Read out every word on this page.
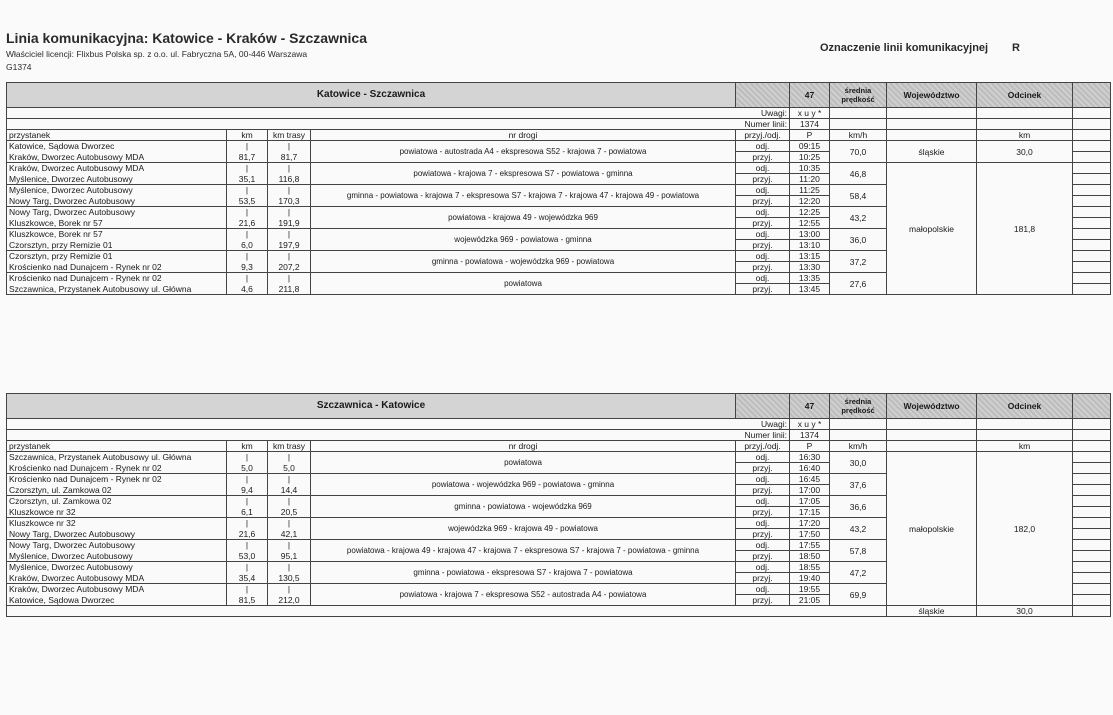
Linia komunikacyjna: Katowice - Kraków - Szczawnica
Właściciel licencji: Flixbus Polska sp. z o.o. ul. Fabryczna 5A, 00-446 Warszawa
G1374
Oznaczenie linii komunikacyjnej R
Katowice - Szczawnica					47	średnia prędkość	Województwo	Odcinek	
Uwagi:					x u y *				
Numer linii:					1374				
przystanek	km	km trasy	nr drogi	przyj./odj.	P	km/h		km	
Katowice, Sądowa Dworzec	|	|	powiatowa - autostrada A4 - ekspresowa S52 - krajowa 7 - powiatowa	odj.	09:15	70,0	śląskie	30,0	
Kraków, Dworzec Autobusowy MDA	81,7	81,7		przyj.	10:25				
Kraków, Dworzec Autobusowy MDA	|	|	powiatowa - krajowa 7 - ekspresowa S7 - powiatowa - gminna	odj.	10:35	46,8	małopolskie	181,8	
Myślenice, Dworzec Autobusowy	35,1	116,8		przyj.	11:20				
Myślenice, Dworzec Autobusowy	|	|	gminna - powiatowa - krajowa 7 - ekspresowa S7 - krajowa 7 - krajowa 47 - krajowa 49 - powiatowa	odj.	11:25	58,4			
Nowy Targ, Dworzec Autobusowy	53,5	170,3		przyj.	12:20				
Nowy Targ, Dworzec Autobusowy	|	|	powiatowa - krajowa 49 - wojewódzka 969	odj.	12:25	43,2			
Kluszkowce, Borek nr 57	21,6	191,9		przyj.	12:55				
Kluszkowce, Borek nr 57	|	|	wojewódzka 969 - powiatowa - gminna	odj.	13:00	36,0			
Czorsztyn, przy Remizie 01	6,0	197,9		przyj.	13:10				
Czorsztyn, przy Remizie 01	|	|	gminna - powiatowa - wojewódzka 969 - powiatowa	odj.	13:15	37,2			
Krościenko nad Dunajcem - Rynek nr 02	9,3	207,2		przyj.	13:30				
Krościenko nad Dunajcem - Rynek nr 02	|	|	powiatowa	odj.	13:35	27,6			
Szczawnica, Przystanek Autobusowy ul. Główna	4,6	211,8		przyj.	13:45				
Szczawnica - Katowice					47	średnia prędkość	Województwo	Odcinek	
Uwagi:					x u y *				
Numer linii:					1374				
przystanek	km	km trasy	nr drogi	przyj./odj.	P	km/h		km	
Szczawnica, Przystanek Autobusowy ul. Główna	|	|	powiatowa	odj.	16:30	30,0	małopolskie	182,0	
Krościenko nad Dunajcem - Rynek nr 02	5,0	5,0		przyj.	16:40				
Krościenko nad Dunajcem - Rynek nr 02	|	|	powiatowa - wojewódzka 969 - powiatowa - gminna	odj.	16:45	37,6			
Czorsztyn, ul. Zamkowa 02	9,4	14,4		przyj.	17:00				
Czorsztyn, ul. Zamkowa 02	|	|	gminna - powiatowa - wojewódzka 969	odj.	17:05	36,6			
Kluszkowce nr 32	6,1	20,5		przyj.	17:15				
Kluszkowce nr 32	|	|	wojewódzka 969 - krajowa 49 - powiatowa	odj.	17:20	43,2			
Nowy Targ, Dworzec Autobusowy	21,6	42,1		przyj.	17:50				
Nowy Targ, Dworzec Autobusowy	|	|	powiatowa - krajowa 49 - krajowa 47 - krajowa 7 - ekspresowa S7 - krajowa 7 - powiatowa - gminna	odj.	17:55	57,8			
Myślenice, Dworzec Autobusowy	53,0	95,1		przyj.	18:50				
Myślenice, Dworzec Autobusowy	|	|	gminna - powiatowa - ekspresowa S7 - krajowa 7 - powiatowa	odj.	18:55	47,2			
Kraków, Dworzec Autobusowy MDA	35,4	130,5		przyj.	19:40				
Kraków, Dworzec Autobusowy MDA	|	|	powiatowa - krajowa 7 - ekspresowa S52 - autostrada A4 - powiatowa	odj.	19:55	69,9			
Katowice, Sądowa Dworzec	81,5	212,0		przyj.	21:05				
							śląskie	30,0	
